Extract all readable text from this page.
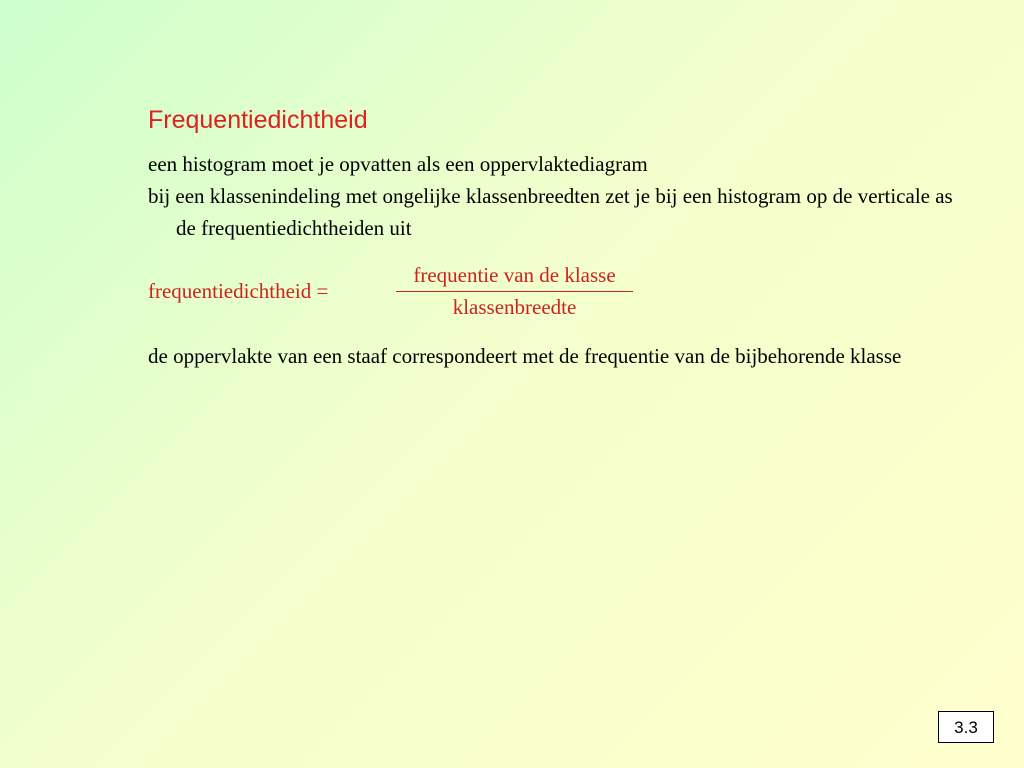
Frequentiedichtheid
een histogram moet je opvatten als een oppervlaktediagram
bij een klassenindeling met ongelijke klassenbreedten zet je bij een histogram op de verticale as de frequentiedichtheiden uit
frequentiedichtheid =
frequentie van de klasse
klassenbreedte
de oppervlakte van een staaf correspondeert met de frequentie van de bijbehorende klasse
3.3
